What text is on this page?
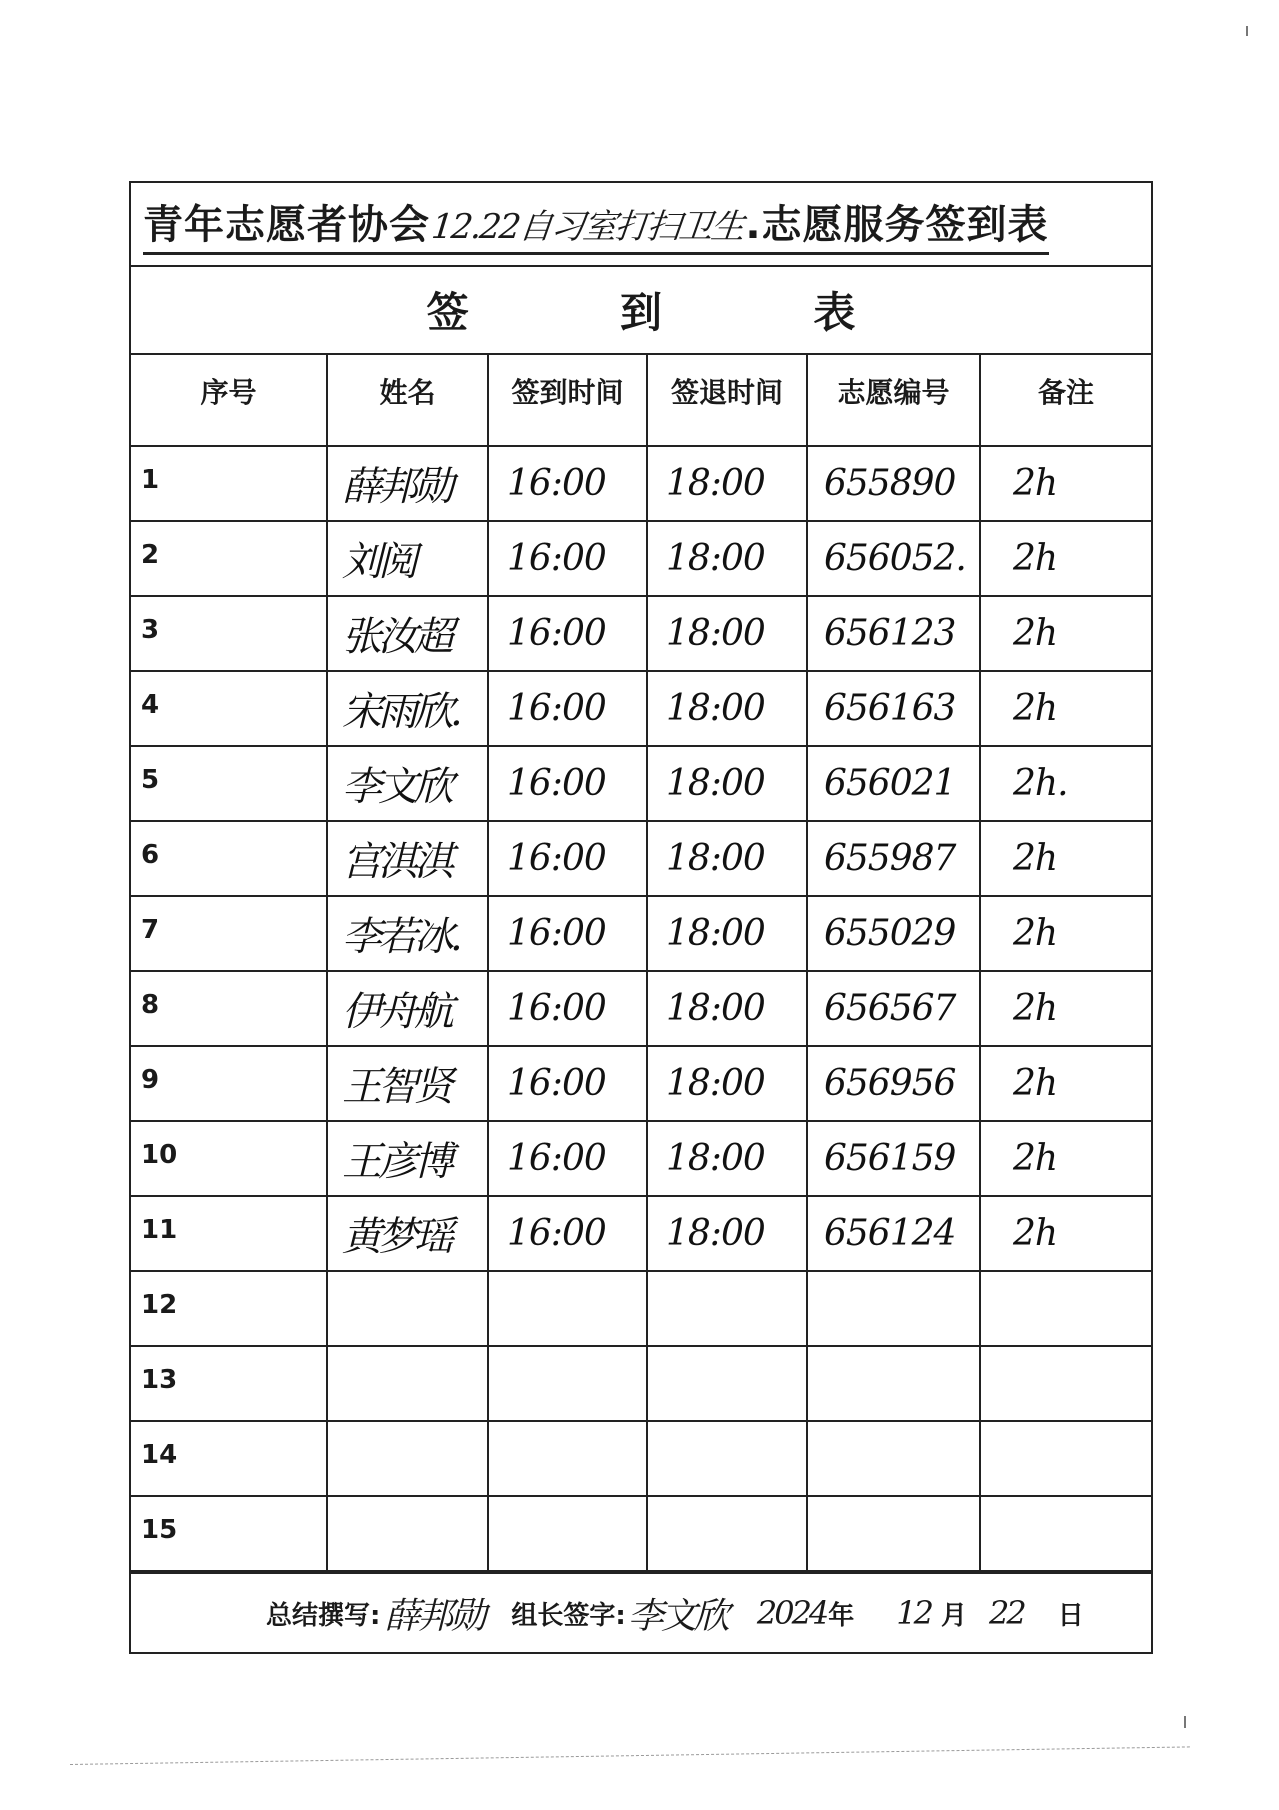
青年志愿者协会 12.22自习室打扫卫生 .志愿服务签到表
签	到	表
序号	姓名	签到时间	签退时间	志愿编号	备注
1	薛邦勋	16:00	18:00	655890	2h
2	刘阅	16:00	18:00	656052.	2h
3	张汝超	16:00	18:00	656123	2h
4	宋雨欣.	16:00	18:00	656163	2h
5	李文欣	16:00	18:00	656021	2h.
6	宫淇淇	16:00	18:00	655987	2h
7	李若冰.	16:00	18:00	655029	2h
8	伊舟航	16:00	18:00	656567	2h
9	王智贤	16:00	18:00	656956	2h
10	王彦博	16:00	18:00	656159	2h
11	黄梦瑶	16:00	18:00	656124	2h
12					
13					
14					
15					
总结撰写: 薛邦勋 组长签字: 李文欣 2024 年 12 月 22 日
